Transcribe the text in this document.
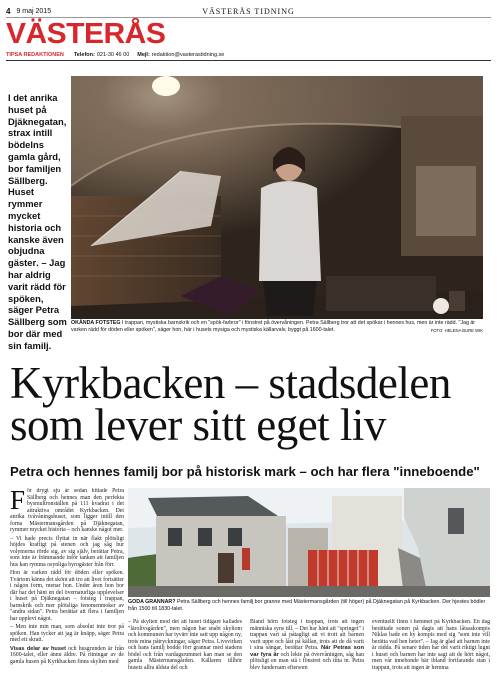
4 9 maj 2015	VÄSTERÅS TIDNING
VÄSTERÅS
TIPSA REDAKTIONEN Telefon: 021-30 46 00 Mejl: redaktion@vasterastidning.se
I det anrika huset på Djäknegatan, strax intill bödelns gamla gård, bor familjen Sällberg. Huset rymmer mycket historia och kanske även objudna gäster. – Jag har aldrig varit rädd för spöken, säger Petra Sällberg som bor där med sin familj.
OKÄNDA FOTSTEG I trappan, mystiska barnskrik och en "spök-farbror" i fönstret på övervåningen. Petra Sällberg tror att det spökar i hennes hus, men är inte rädd. "Jag är varken rädd för döden eller spöken", säger hon, här i husets mysiga och mystiska källarvalv, byggt på 1600-talet.	FOTO: HELENA BURE WIK
Kyrkbacken – stadsdelen som lever sitt eget liv
Petra och hennes familj bor på historisk mark – och har flera "inneboende"
F ör drygt sju år sedan hittade Petra Sällberg och hennes man den perfekta bysmultronställen på 111 kvadrat i det attraktiva området Kyrkbacken. Det anrika tvåvåningshuset, som ligger intill den forna Mästermansgården på Djäknegatan, rymmer mycket historia – och kanske något mer.

– Vi hade precis flyttat in när flakt plötsligt höjdes kraftigt på stenen och jag såg hur volymerna rörde sig, av sig själv, berättar Petra, som inte är främmande inför tanken att familjen hus kan rymma osynliga byrogäster från förr.

Hon är varken rädd för döden eller spöken. Tvärtom känns det skönt att tro att livet fortsätter i någon form, menar hon. Under åren hon bor där har det hänt en del övernaturliga upplevelser i huset på Djäknegatan – fotsteg i trappan, barnskrik och mer plötsliga fenomenmoker av "andra sidan". Petra berättar att flera i familjen har upplevt något.

– Men inte min man, som absolut inte tror på spöken. Han tycker att jag är knäpp, säger Petra med ett skratt.

Visas delar av huset och husgrunden är från 1600-talet, eller ännu äldre. På ritningar av de gamla husen på Kyrkbacken finns skylten med

GODA GRANNAR? Petra Sällberg och hennes familj bor granne med Mästermansgården (till höger) på Djäknegatan på Kyrkbacken. Der hjestes bödler från 1500 till 1830-talet.
– På skylten mod det att huset tidigare kallades "lärolivsgården", men någon har snabt skyltom och kommunen har tyvärr inte satt upp någon ny, trots mina påtryckningar, säger Petra. Livsvirken och hans familj bodde förr grannar med stadens bödel och från vardagsrummet kan man se den gamla Mästermansgården. Källaren tillhör husets allra äldsta del och
Bland hörn fotsteg i trappan, trots att ingen människa syns till. – Det har hänt att "springet" i trappan vari så påtagligt att vi trott att barnen varit uppe och låst på källan, trots att de då varit i sina sängar, berättar Petra. När Petras son var fyra år och lekte på övervåningen, såg han plötsligt en man stå i fönstret och titta in. Petra blev fundersam eftersom
eventuellt finns i hemmet på Kyrkbacken. En dag berättade sonen på dagis att hans låtsaskompis Niklas bade en hy kompis med sig "som inte vill berätta vad hen heter". – Jag är glad att barnen inte är rädda. På senare tiden har det varit riktigt lugnt i huset och barnen har inte sagt att de hört något, men vår innebonde här ibland fortfarande stan i trappan, trots att ingen är hemma
